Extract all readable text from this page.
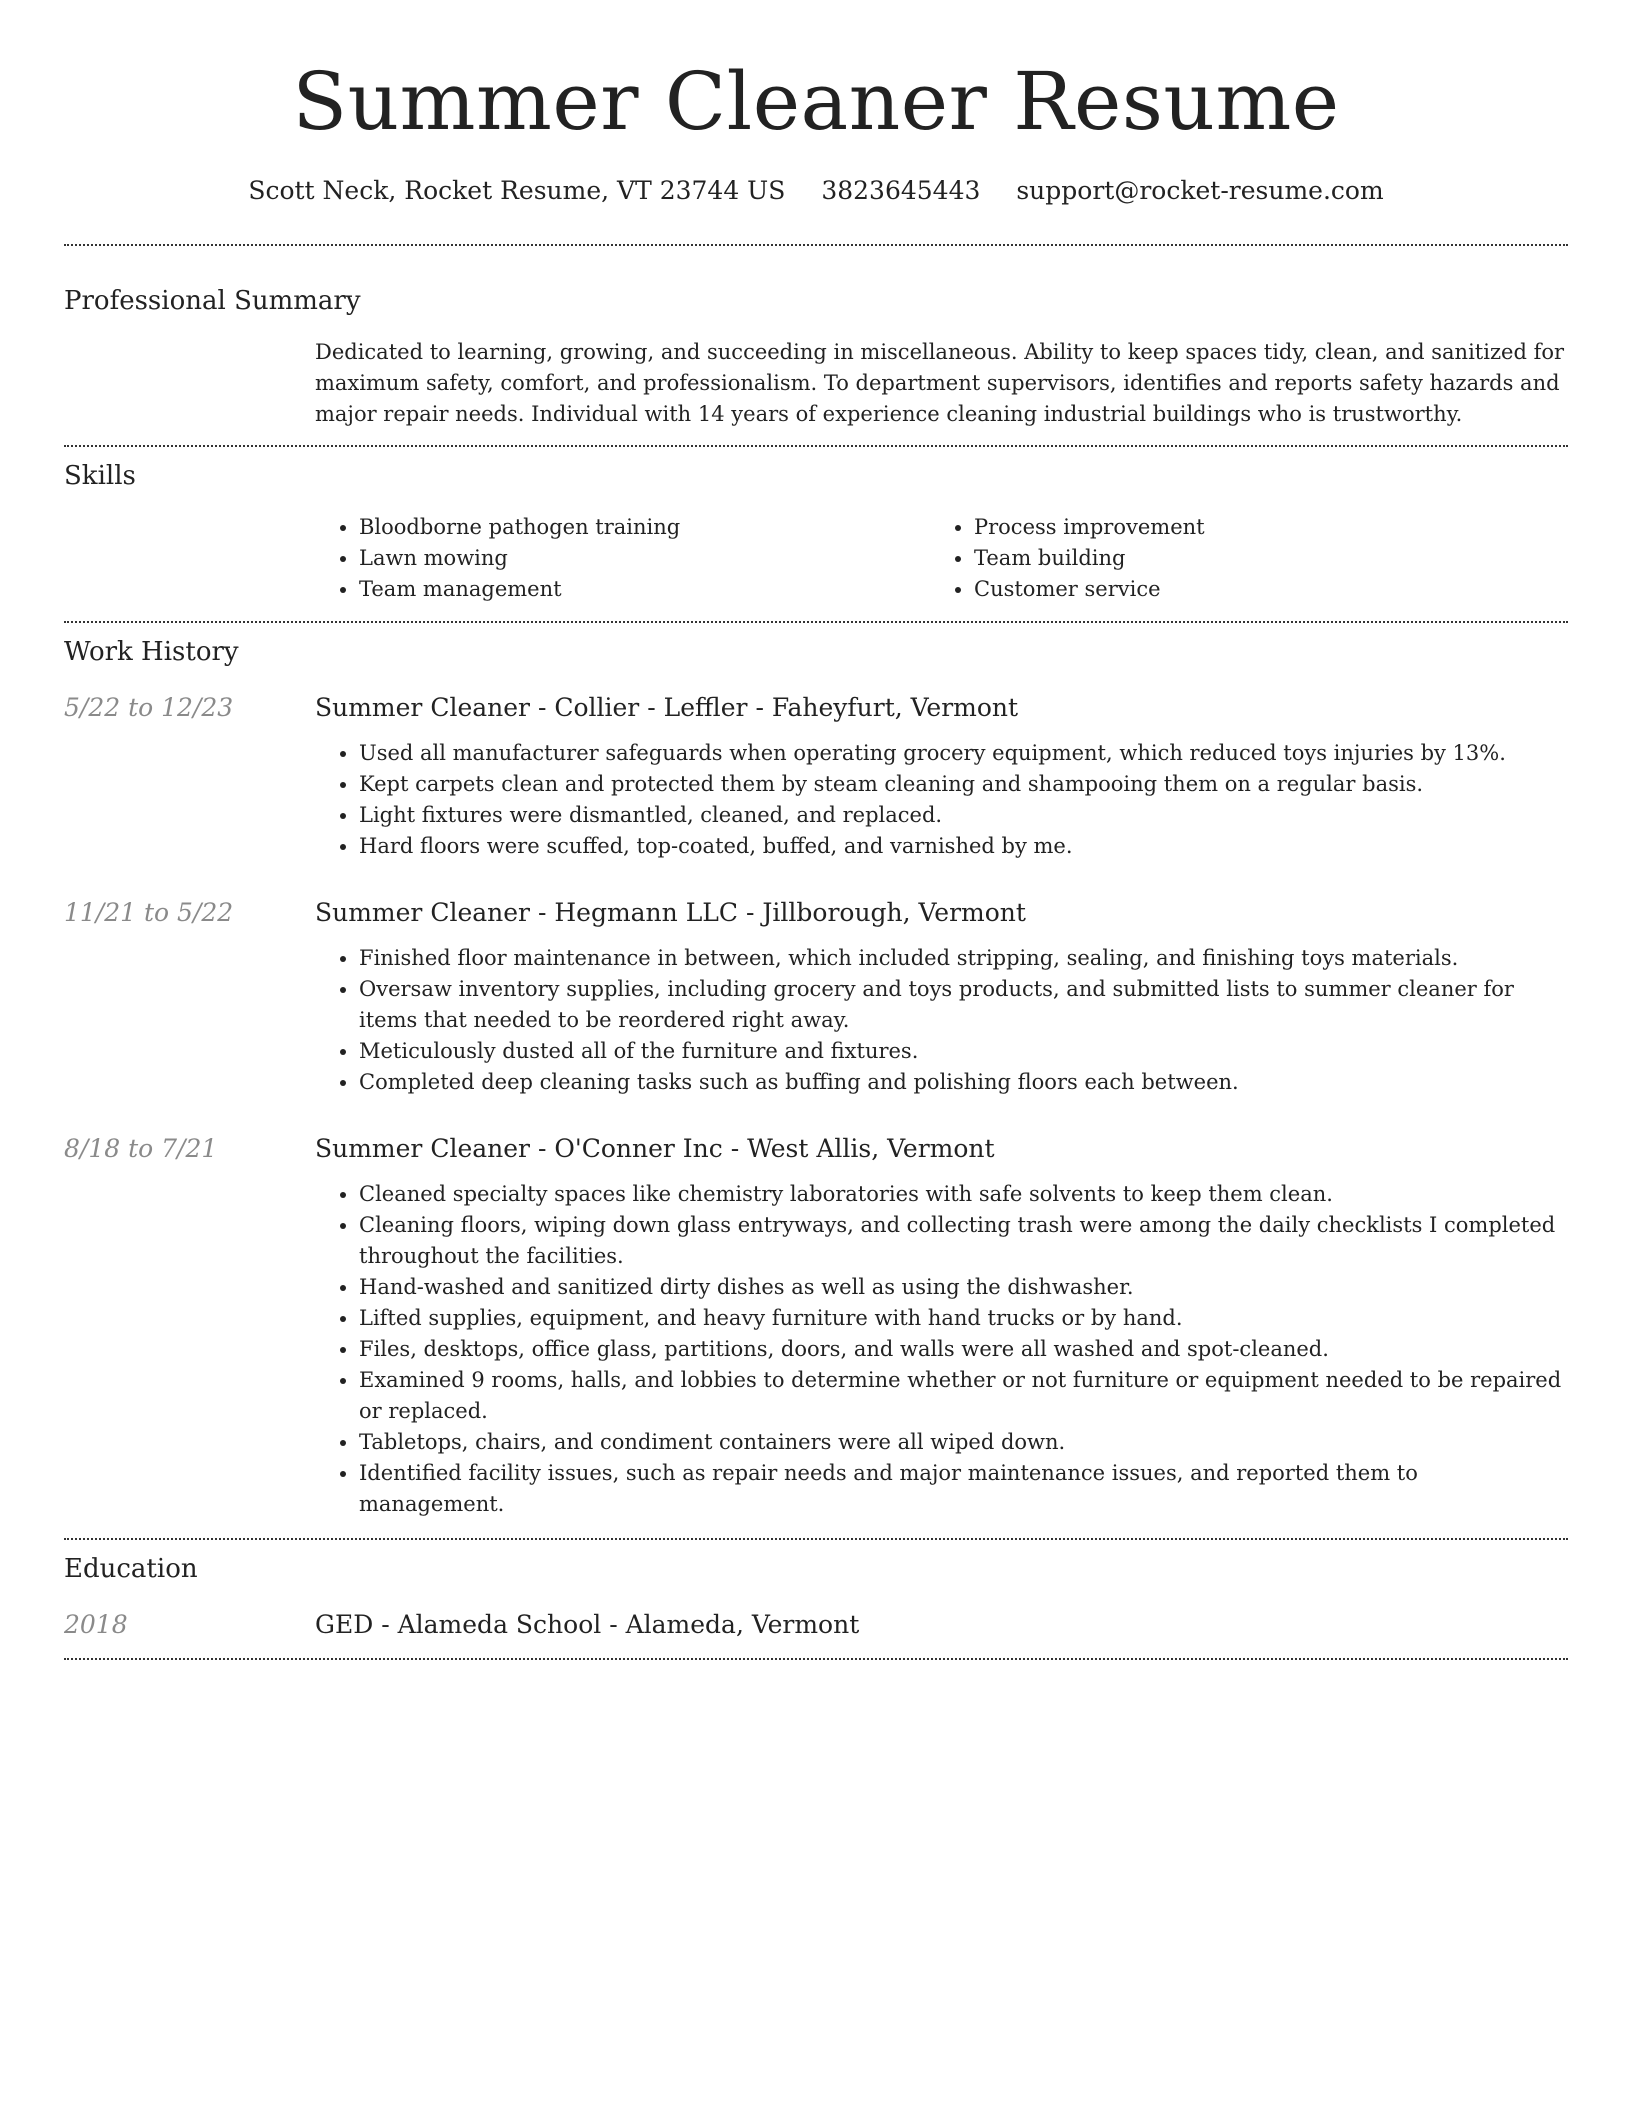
Summer Cleaner Resume
Scott Neck, Rocket Resume, VT 23744 US 3823645443 support@rocket-resume.com
Professional Summary
Dedicated to learning, growing, and succeeding in miscellaneous. Ability to keep spaces tidy, clean, and sanitized for maximum safety, comfort, and professionalism. To department supervisors, identifies and reports safety hazards and major repair needs. Individual with 14 years of experience cleaning industrial buildings who is trustworthy.
Skills
• Bloodborne pathogen training
• Lawn mowing
• Team management
• Process improvement
• Team building
• Customer service
Work History
5/22 to 12/23	Summer Cleaner - Collier - Leffler - Faheyfurt, Vermont
• Used all manufacturer safeguards when operating grocery equipment, which reduced toys injuries by 13%.
• Kept carpets clean and protected them by steam cleaning and shampooing them on a regular basis.
• Light fixtures were dismantled, cleaned, and replaced.
• Hard floors were scuffed, top-coated, buffed, and varnished by me.
11/21 to 5/22	Summer Cleaner - Hegmann LLC - Jillborough, Vermont
• Finished floor maintenance in between, which included stripping, sealing, and finishing toys materials.
• Oversaw inventory supplies, including grocery and toys products, and submitted lists to summer cleaner for items that needed to be reordered right away.
• Meticulously dusted all of the furniture and fixtures.
• Completed deep cleaning tasks such as buffing and polishing floors each between.
8/18 to 7/21	Summer Cleaner - O'Conner Inc - West Allis, Vermont
• Cleaned specialty spaces like chemistry laboratories with safe solvents to keep them clean.
• Cleaning floors, wiping down glass entryways, and collecting trash were among the daily checklists I completed throughout the facilities.
• Hand-washed and sanitized dirty dishes as well as using the dishwasher.
• Lifted supplies, equipment, and heavy furniture with hand trucks or by hand.
• Files, desktops, office glass, partitions, doors, and walls were all washed and spot-cleaned.
• Examined 9 rooms, halls, and lobbies to determine whether or not furniture or equipment needed to be repaired or replaced.
• Tabletops, chairs, and condiment containers were all wiped down.
• Identified facility issues, such as repair needs and major maintenance issues, and reported them to management.
Education
2018	GED - Alameda School - Alameda, Vermont
